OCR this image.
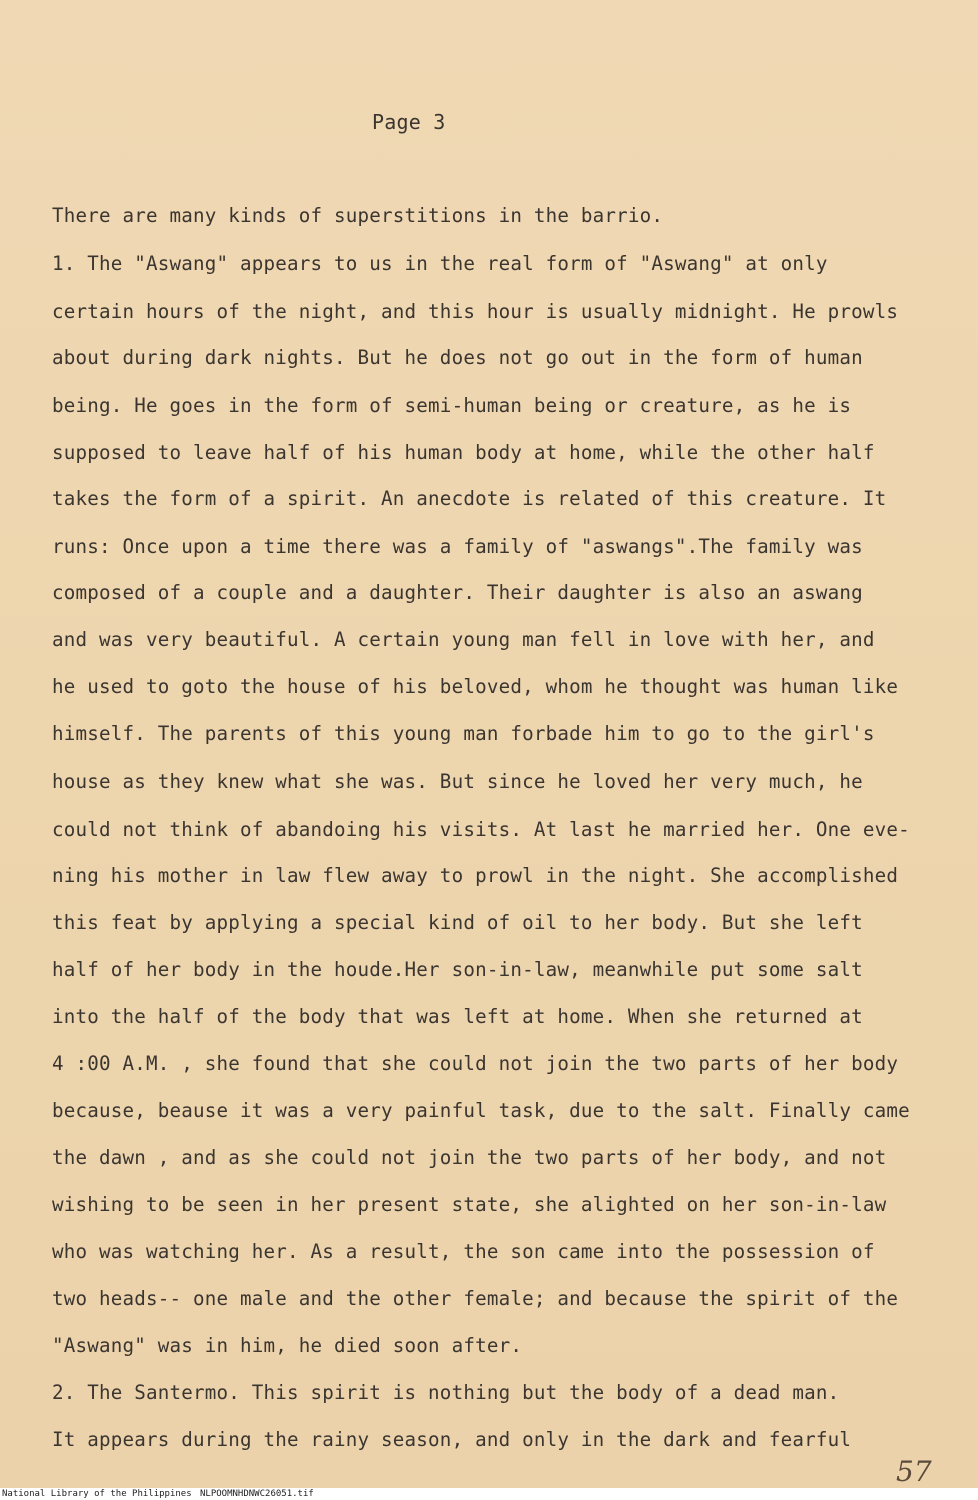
Page 3
There are many kinds of superstitions in the barrio.
1. The "Aswang" appears to us in the real form of "Aswang" at only
certain hours of the night, and this hour is usually midnight. He prowls
about during dark nights. But he does not go out in the form of human
being. He goes in the form of semi-human being or creature, as he is
supposed to leave half of his human body at home, while the other half
takes the form of a spirit. An anecdote is related of this creature. It
runs: Once upon a time there was a family of "aswangs".The family was
composed of a couple and a daughter. Their daughter is also an aswang
and was very beautiful. A certain young man fell in love with her, and
he used to goto the house of his beloved, whom he thought was human like
himself. The parents of this young man forbade him to go to the girl's
house as they knew what she was. But since he loved her very much, he
could not think of abandoing his visits. At last he married her. One eve-
ning his mother in law flew away to prowl in the night. She accomplished
this feat by applying a special kind of oil to her body. But she left
half of her body in the houde.Her son-in-law, meanwhile put some salt
into the half of the body that was left at home. When she returned at
4 :00 A.M. , she found that she could not join the two parts of her body
because, beause it was a very painful task, due to the salt. Finally came
the dawn , and as she could not join the two parts of her body, and not
wishing to be seen in her present state, she alighted on her son-in-law
who was watching her. As a result, the son came into the possession of
two heads-- one male and the other female; and because the spirit of the
"Aswang" was in him, he died soon after.
2. The Santermo. This spirit is nothing but the body of a dead man.
It appears during the rainy season, and only in the dark and fearful
57
National Library of the Philippines NLPOOMNHDNWC26051.tif
